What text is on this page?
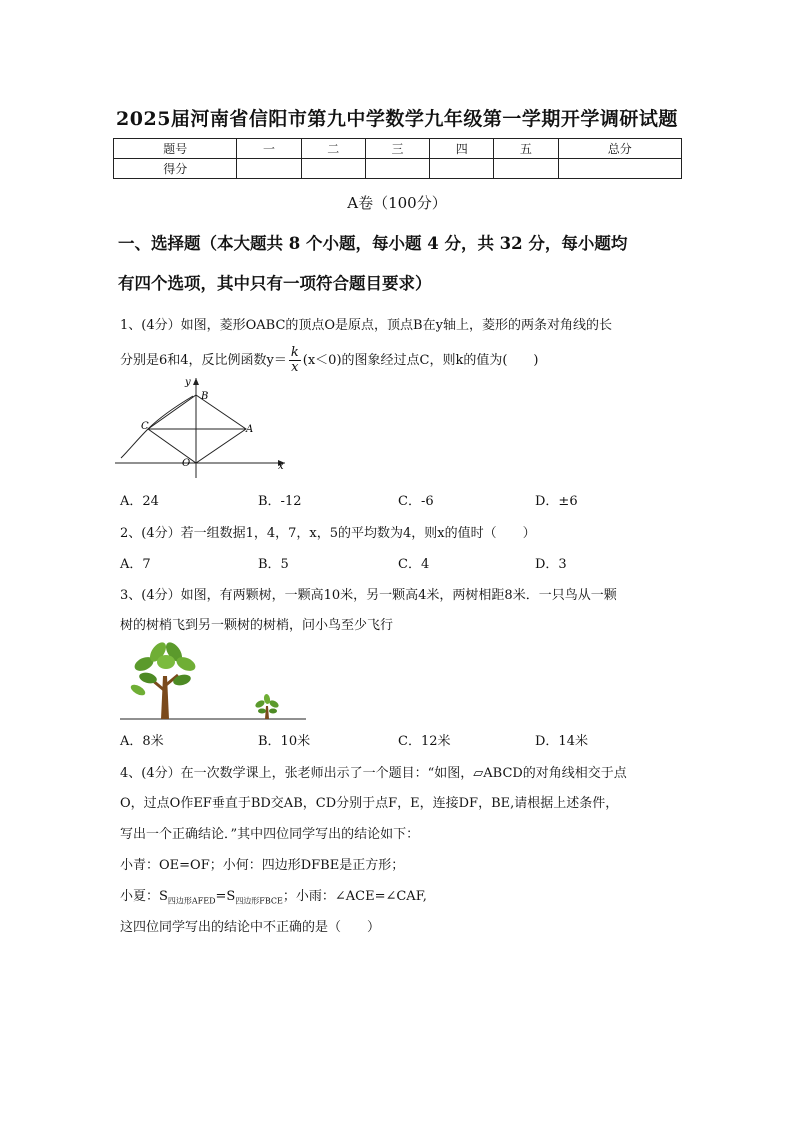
2025届河南省信阳市第九中学数学九年级第一学期开学调研试题
题号	一	二	三	四	五	总分
得分						
A卷（100分）
一、选择题（本大题共 8 个小题，每小题 4 分，共 32 分，每小题均
有四个选项，其中只有一项符合题目要求）
1、(4分）如图，菱形OABC的顶点O是原点，顶点B在y轴上，菱形的两条对角线的长
分别是6和4，反比例函数$y= \frac{k}{x} (x<0)$的图象经过点C，则k的值为(　　)
y
B
C	A
O	x
A．24	B．-12	C．-6	D．±6
2、(4分）若一组数据1，4，7，x，5的平均数为4，则x的值时（　　）
A．7	B．5	C．4	D．3
3、(4分）如图，有两颗树，一颗高10米，另一颗高4米，两树相距8米．一只鸟从一颗
树的树梢飞到另一颗树的树梢，问小鸟至少飞行
A．8米	B．10米	C．12米	D．14米
4、(4分）在一次数学课上，张老师出示了一个题目：“如图，▱ABCD的对角线相交于点
O，过点O作EF垂直于BD交AB，CD分别于点F，E，连接DF，BE,请根据上述条件，
写出一个正确结论．”其中四位同学写出的结论如下：
小青：OE=OF；小何：四边形DFBE是正方形；
小夏：$S_{四边形AFED}=S_{四边形FBCE}$；小雨：∠ACE=∠CAF,
这四位同学写出的结论中不正确的是（　　）
